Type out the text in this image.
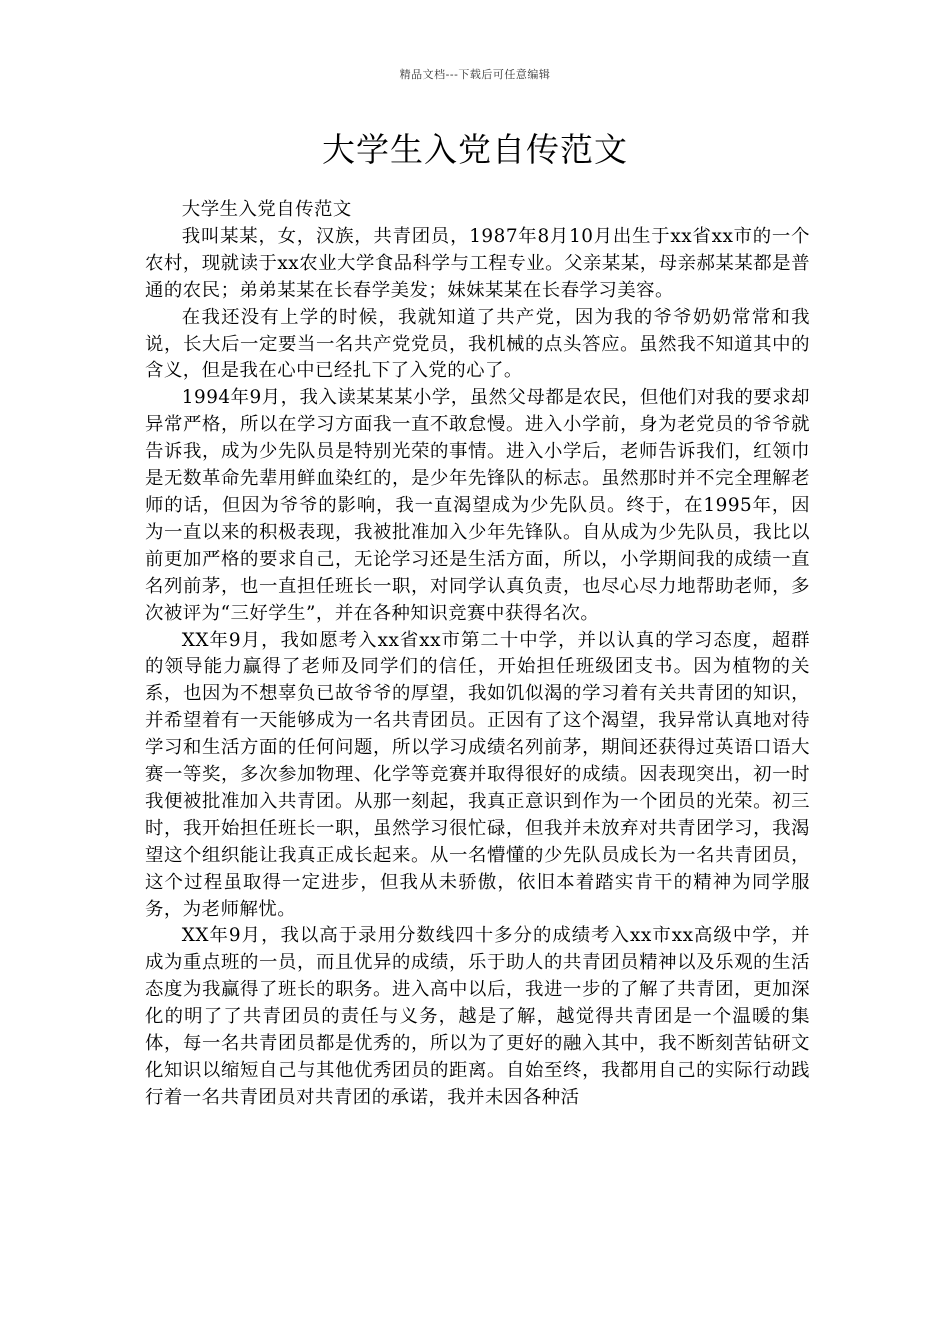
精品文档---下载后可任意编辑
大学生入党自传范文

大学生入党自传范文

我叫某某，女，汉族，共青团员，1987年8月10月出生于xx省xx市的一个农村，现就读于xx农业大学食品科学与工程专业。父亲某某，母亲郝某某都是普通的农民；弟弟某某在长春学美发；妹妹某某在长春学习美容。

在我还没有上学的时候，我就知道了共产党，因为我的爷爷奶奶常常和我说，长大后一定要当一名共产党党员，我机械的点头答应。虽然我不知道其中的含义，但是我在心中已经扎下了入党的心了。

1994年9月，我入读某某某小学，虽然父母都是农民，但他们对我的要求却异常严格，所以在学习方面我一直不敢怠慢。进入小学前，身为老党员的爷爷就告诉我，成为少先队员是特别光荣的事情。进入小学后，老师告诉我们，红领巾是无数革命先辈用鲜血染红的，是少年先锋队的标志。虽然那时并不完全理解老师的话，但因为爷爷的影响，我一直渴望成为少先队员。终于，在1995年，因为一直以来的积极表现，我被批准加入少年先锋队。自从成为少先队员，我比以前更加严格的要求自己，无论学习还是生活方面，所以，小学期间我的成绩一直名列前茅，也一直担任班长一职，对同学认真负责，也尽心尽力地帮助老师，多次被评为“三好学生”，并在各种知识竞赛中获得名次。

XX年9月，我如愿考入xx省xx市第二十中学，并以认真的学习态度，超群的领导能力赢得了老师及同学们的信任，开始担任班级团支书。因为植物的关系，也因为不想辜负已故爷爷的厚望，我如饥似渴的学习着有关共青团的知识，并希望着有一天能够成为一名共青团员。正因有了这个渴望，我异常认真地对待学习和生活方面的任何问题，所以学习成绩名列前茅，期间还获得过英语口语大赛一等奖，多次参加物理、化学等竞赛并取得很好的成绩。因表现突出，初一时我便被批准加入共青团。从那一刻起，我真正意识到作为一个团员的光荣。初三时，我开始担任班长一职，虽然学习很忙碌，但我并未放弃对共青团学习，我渴望这个组织能让我真正成长起来。从一名懵懂的少先队员成长为一名共青团员，这个过程虽取得一定进步，但我从未骄傲，依旧本着踏实肯干的精神为同学服务，为老师解忧。

XX年9月，我以高于录用分数线四十多分的成绩考入xx市xx高级中学，并成为重点班的一员，而且优异的成绩，乐于助人的共青团员精神以及乐观的生活态度为我赢得了班长的职务。进入高中以后，我进一步的了解了共青团，更加深化的明了了共青团员的责任与义务，越是了解，越觉得共青团是一个温暖的集体，每一名共青团员都是优秀的，所以为了更好的融入其中，我不断刻苦钻研文化知识以缩短自己与其他优秀团员的距离。自始至终，我都用自己的实际行动践行着一名共青团员对共青团的承诺，我并未因各种活
